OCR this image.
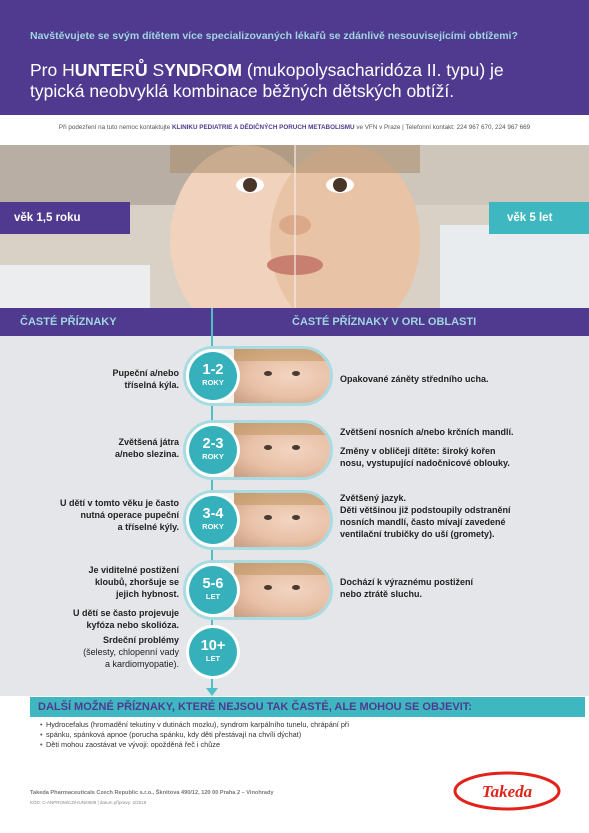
Navštěvujete se svým dítětem více specializovaných lékařů se zdánlivě nesouvisejícími obtížemi?
Pro HUNTERŮ SYNDROM (mukopolysacharidóza II. typu) je
typická neobvyklá kombinace běžných dětských obtíží.
Při podezření na tuto nemoc kontaktujte KLINIKU PEDIATRIE A DĚDIČNÝCH PORUCH METABOLISMU ve VFN v Praze | Telefonní kontakt: 224 967 670, 224 967 669
věk 1,5 roku	věk 5 let
ČASTÉ PŘÍZNAKY	ČASTÉ PŘÍZNAKY V ORL OBLASTI
1-2
ROKY
Pupeční a/nebo
tříselná kýla.
Opakované záněty středního ucha.
2-3
ROKY
Zvětšená játra
a/nebo slezina.
Zvětšení nosních a/nebo krčních mandlí.
Změny v obličeji dítěte: široký kořen
nosu, vystupující nadočnicové oblouky.
3-4
ROKY
U dětí v tomto věku je často
nutná operace pupeční
a tříselné kýly.
Zvětšený jazyk.
Děti většinou již podstoupily odstranění
nosních mandlí, často mívají zavedené
ventilační trubičky do uší (gromety).
5-6
LET
Je viditelné postižení
kloubů, zhoršuje se
jejich hybnost.
U dětí se často projevuje
kyfóza nebo skolióza.
Dochází k výraznému postižení
nebo ztrátě sluchu.
10+
LET
Srdeční problémy
(šelesty, chlopenní vady
a kardiomyopatie).
DALŠÍ MOŽNÉ PŘÍZNAKY, KTERÉ NEJSOU TAK ČASTÉ, ALE MOHOU SE OBJEVIT:
• Hydrocefalus (hromadění tekutiny v dutinách mozku), syndrom karpálního tunelu, chrápání při
• spánku, spánková apnoe (porucha spánku, kdy děti přestávají na chvíli dýchat)
• Děti mohou zaostávat ve vývoji: opožděná řeč i chůze
Takeda Pharmaceuticals Czech Republic s.r.o., Škrétova 490/12, 120 00 Praha 2 – Vinohrady
KÓD: C-ANPROM/CZ/HUN/0009 | datum přípravy: 2/2015
Takeda
